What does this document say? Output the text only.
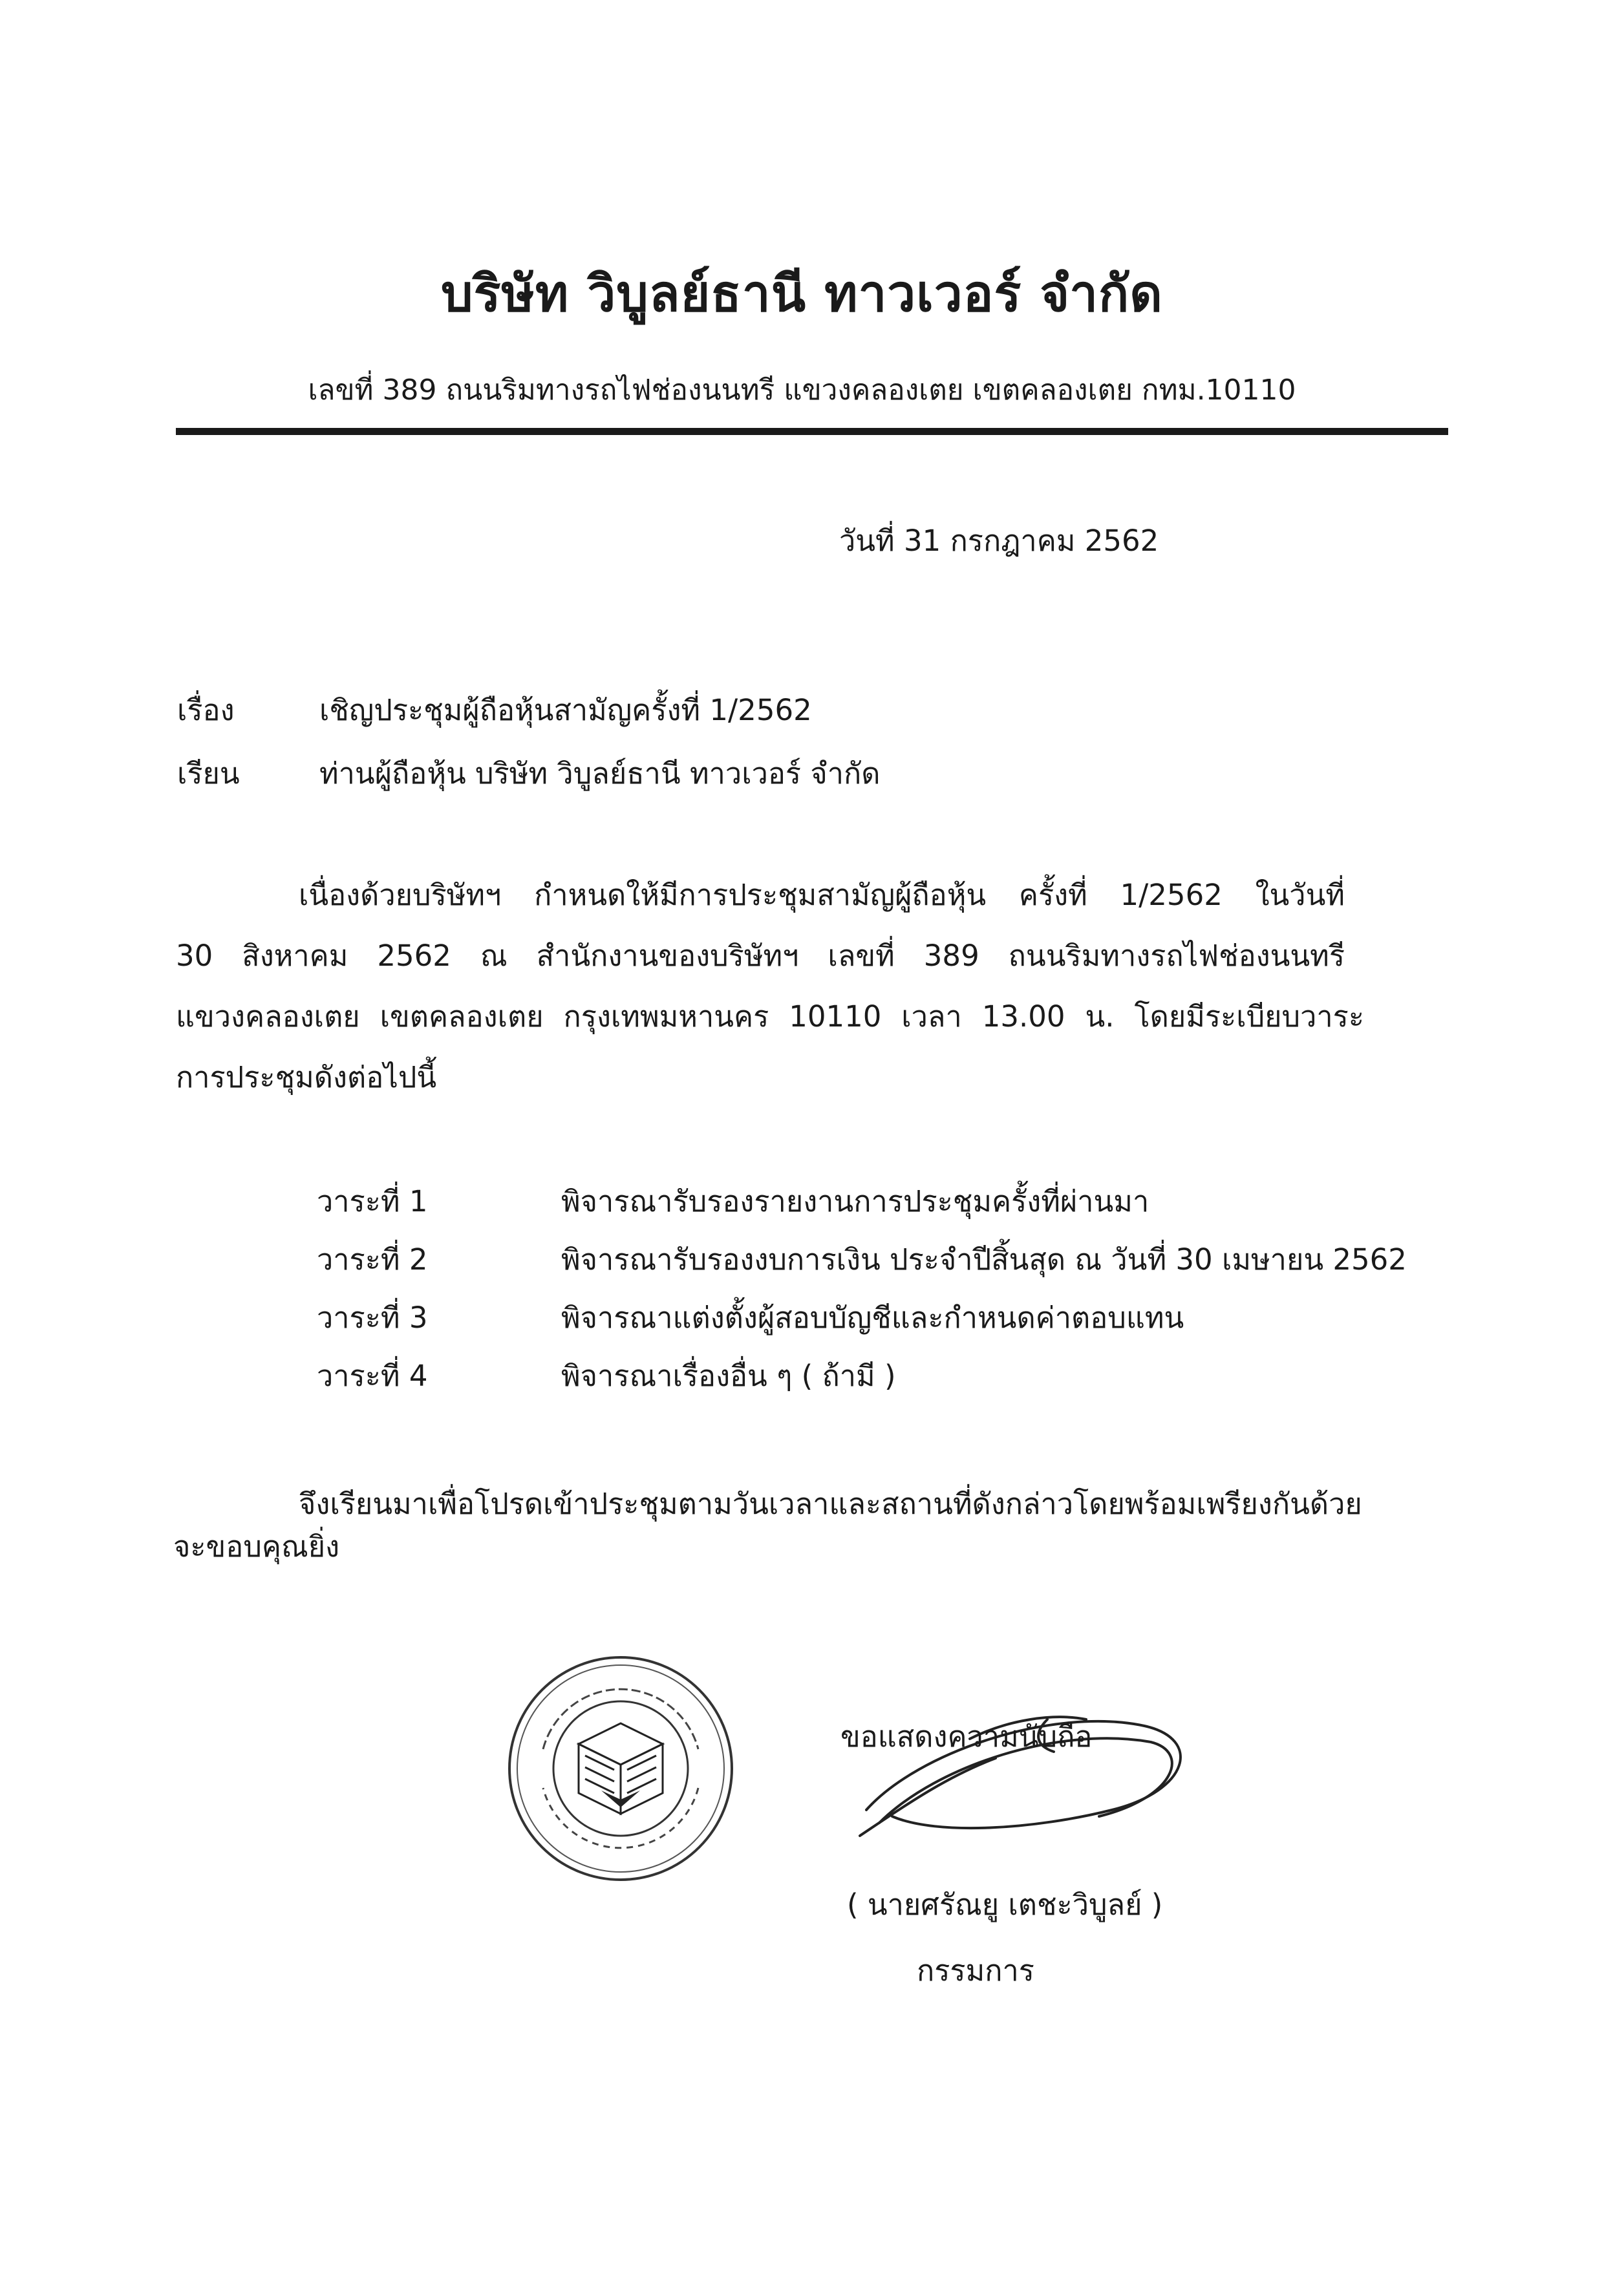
บริษัท วิบูลย์ธานี ทาวเวอร์ จำกัด
เลขที่ 389 ถนนริมทางรถไฟช่องนนทรี แขวงคลองเตย เขตคลองเตย กทม.10110
วันที่ 31 กรกฎาคม 2562
เรื่อง	เชิญประชุมผู้ถือหุ้นสามัญครั้งที่ 1/2562
เรียน	ท่านผู้ถือหุ้น บริษัท วิบูลย์ธานี ทาวเวอร์ จำกัด
เนื่องด้วยบริษัทฯ กำหนดให้มีการประชุมสามัญผู้ถือหุ้น ครั้งที่ 1/2562 ในวันที่
30 สิงหาคม 2562 ณ สำนักงานของบริษัทฯ เลขที่ 389 ถนนริมทางรถไฟช่องนนทรี
แขวงคลองเตย เขตคลองเตย กรุงเทพมหานคร 10110 เวลา 13.00 น. โดยมีระเบียบวาระ
การประชุมดังต่อไปนี้
วาระที่ 1	พิจารณารับรองรายงานการประชุมครั้งที่ผ่านมา
วาระที่ 2	พิจารณารับรองงบการเงิน ประจำปีสิ้นสุด ณ วันที่ 30 เมษายน 2562
วาระที่ 3	พิจารณาแต่งตั้งผู้สอบบัญชีและกำหนดค่าตอบแทน
วาระที่ 4	พิจารณาเรื่องอื่น ๆ ( ถ้ามี )
จึงเรียนมาเพื่อโปรดเข้าประชุมตามวันเวลาและสถานที่ดังกล่าวโดยพร้อมเพรียงกันด้วย
จะขอบคุณยิ่ง
ขอแสดงความนับถือ
( นายศรัณยู เตชะวิบูลย์ )
กรรมการ
